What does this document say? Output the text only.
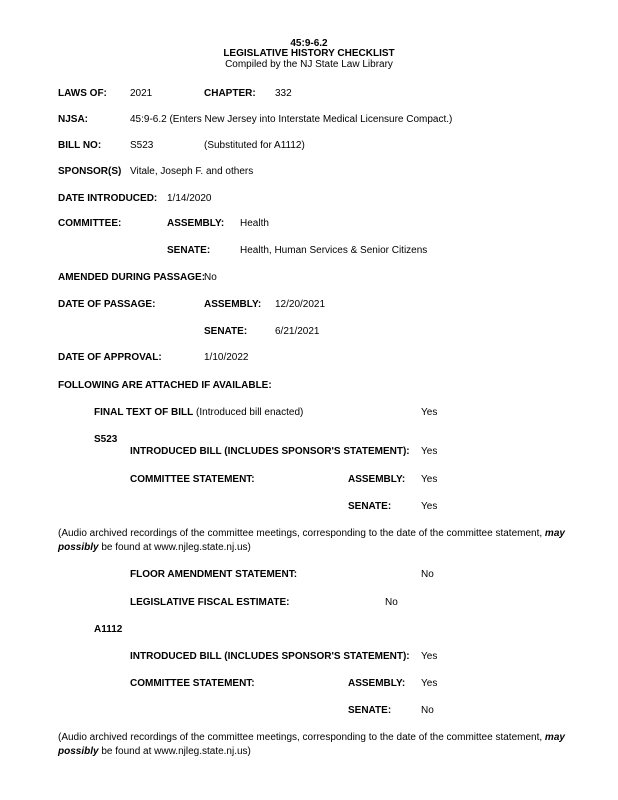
45:9-6.2
LEGISLATIVE HISTORY CHECKLIST
Compiled by the NJ State Law Library
LAWS OF: 2021	CHAPTER: 332
NJSA:	45:9-6.2 (Enters New Jersey into Interstate Medical Licensure Compact.)
BILL NO:	S523	(Substituted for A1112)
SPONSOR(S) Vitale, Joseph F. and others
DATE INTRODUCED: 1/14/2020
COMMITTEE:	ASSEMBLY: Health
SENATE:	Health, Human Services & Senior Citizens
AMENDED DURING PASSAGE:
No
DATE OF PASSAGE:	ASSEMBLY: 12/20/2021
SENATE:	6/21/2021
DATE OF APPROVAL:	1/10/2022
FOLLOWING ARE ATTACHED IF AVAILABLE:
FINAL TEXT OF BILL (Introduced bill enacted)	Yes
S523
INTRODUCED BILL (INCLUDES SPONSOR'S STATEMENT): Yes
COMMITTEE STATEMENT:	ASSEMBLY: Yes
SENATE:	Yes
(Audio archived recordings of the committee meetings, corresponding to the date of the committee statement, may possibly be found at www.njleg.state.nj.us)
FLOOR AMENDMENT STATEMENT:	No
LEGISLATIVE FISCAL ESTIMATE:	No
A1112
INTRODUCED BILL (INCLUDES SPONSOR'S STATEMENT): Yes
COMMITTEE STATEMENT:	ASSEMBLY: Yes
SENATE:	No
(Audio archived recordings of the committee meetings, corresponding to the date of the committee statement, may possibly be found at www.njleg.state.nj.us)
